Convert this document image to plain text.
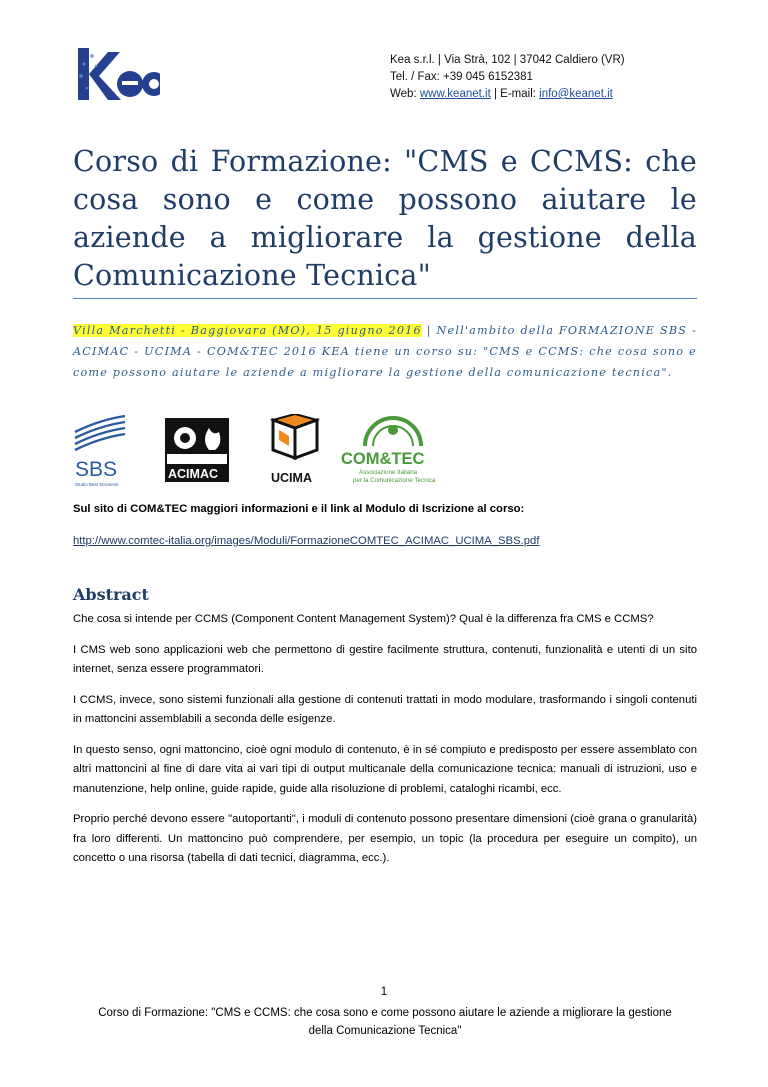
Kea
Kea s.r.l. | Via Strà, 102 | 37042 Caldiero (VR)
Tel. / Fax: +39 045 6152381
Web: www.keanet.it | E-mail: info@keanet.it
Corso di Formazione: "CMS e CCMS: che cosa sono e come possono aiutare le aziende a migliorare la gestione della Comunicazione Tecnica"

Villa Marchetti - Baggiovara (MO), 15 giugno 2016 | Nell'ambito della FORMAZIONE SBS - ACIMAC - UCIMA - COM&TEC 2016 KEA tiene un corso su: "CMS e CCMS: che cosa sono e come possono aiutare le aziende a migliorare la gestione della comunicazione tecnica".

SBS
Studio Best Strumenti
ACIMAC	UCIMA
COM&TEC
Associazione Italiana
per la Comunicazione Tecnica

Sul sito di COM&TEC maggiori informazioni e il link al Modulo di Iscrizione al corso:

http://www.comtec-italia.org/images/Moduli/FormazioneCOMTEC_ACIMAC_UCIMA_SBS.pdf
Abstract

Che cosa si intende per CCMS (Component Content Management System)? Qual è la differenza fra CMS e CCMS?

I CMS web sono applicazioni web che permettono di gestire facilmente struttura, contenuti, funzionalità e utenti di un sito internet, senza essere programmatori.

I CCMS, invece, sono sistemi funzionali alla gestione di contenuti trattati in modo modulare, trasformando i singoli contenuti in mattoncini assemblabili a seconda delle esigenze.

In questo senso, ogni mattoncino, cioè ogni modulo di contenuto, è in sé compiuto e predisposto per essere assemblato con altri mattoncini al fine di dare vita ai vari tipi di output multicanale della comunicazione tecnica: manuali di istruzioni, uso e manutenzione, help online, guide rapide, guide alla risoluzione di problemi, cataloghi ricambi, ecc.

Proprio perché devono essere "autoportanti", i moduli di contenuto possono presentare dimensioni (cioè grana o granularità) fra loro differenti. Un mattoncino può comprendere, per esempio, un topic (la procedura per eseguire un compito), un concetto o una risorsa (tabella di dati tecnici, diagramma, ecc.).

1

Corso di Formazione: "CMS e CCMS: che cosa sono e come possono aiutare le aziende a migliorare la gestione della Comunicazione Tecnica"
